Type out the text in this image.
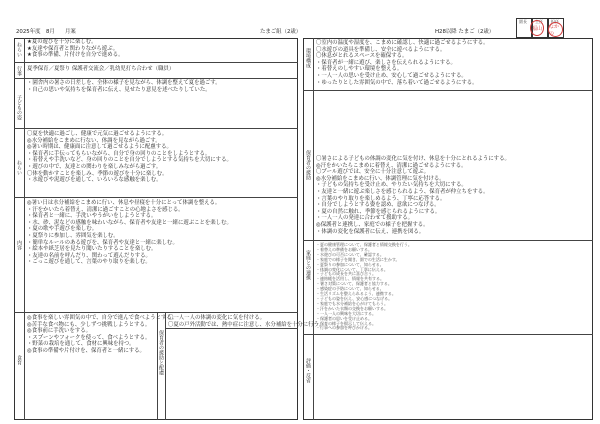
2025年度 8月 月案	たまご組（2歳）	H28以降 たまご（2歳）
園長 主任 担任
福山 なかの
ねらい ★夏の遊びを十分に楽しむ。
★友達や保育者と関わりながら遊ぶ。
★食事の準備、片付けを自分で進める。
行事 夏季保育／夏祭り 保護者交流会／乳幼児打ち合わせ（職員）
子どもの姿
・園舎内の暑さの日差しを、全体の様子を見ながら、体調を整えて夏を過ごす。
・自己の思いや気持ちを保育者に伝え、見せたり意見を述べたりしていた。
ねらい
〇夏を快適に過ごし、健康で元気に過ごせるようにする。
◎水分補給をこまめに行ない、体調を見ながら過ごす。
◎暑い時期は、健康面に注意して過ごせるように配慮する。
・保育者に手伝ってもらいながら、自分で身の回りのことをしようとする。
・着替えや手洗いなど、身の回りのことを自分でしようとする気持ちを大切にする。
・遊びの中で、友達との関わりを楽しみながら過ごす。
〇体を動かすことを楽しみ、季節の遊びを十分に楽しむ。
・水遊びや泥遊びを通して、いろいろな感触を楽しむ。
内容
◎暑い日は水分補給をこまめに行い、休息や昼寝を十分にとって体調を整える。
・汗をかいたら着替え、清潔に過ごすことの心地よさを感じる。
・保育者と一緒に、手洗いやうがいをしようとする。
・水、砂、泥などの感触を味わいながら、保育者や友達と一緒に遊ぶことを楽しむ。
・夏の歌や手遊びを楽しむ。
・夏祭りに参加し、雰囲気を楽しむ。
・簡単なルールのある遊びを、保育者や友達と一緒に楽しむ。
・絵本や紙芝居を見たり聞いたりすることを楽しむ。
・友達の名前を呼んだり、関わって遊んだりする。
・ごっこ遊びを通して、言葉のやり取りを楽しむ。
食育
◎食事を楽しい雰囲気の中で、自分で進んで食べようとする。
◎苦手な食べ物にも、少しずつ挑戦しようとする。
◎食事前に手洗いをする。
・スプーンやフォークを使って、食べようとする。
・野菜の栽培を通して、食材に興味を持つ。
◎食事の準備や片付けを、保育者と一緒にする。	保育者の援助と配慮
〇一人一人の体調の変化に気を付ける。
〇夏の戸外活動では、熱中症に注意し、水分補給を十分に行う。
環境構成
〇室内の温度や湿度を、こまめに確認し、快適に過ごせるようにする。
〇水遊びの道具を準備し、安全に遊べるようにする。
〇休息がとれるスペースを確保する。
・保育者が一緒に遊び、楽しさを伝えられるようにする。
・着替えのしやすい環境を整える。
・一人一人の思いを受け止め、安心して過ごせるようにする。
・ゆったりとした雰囲気の中で、落ち着いて過ごせるようにする。
保育者の援助 〇暑さによる子どもの体調の変化に気を付け、休息を十分にとれるようにする。
◎汗をかいたらこまめに着替え、清潔に過ごせるようにする。
〇プール遊びでは、安全に十分注意して遊ぶ。
◎水分補給をこまめに行い、体調管理に気を付ける。
・子どもの気持ちを受け止め、やりたい気持ちを大切にする。
・友達と一緒に遊ぶ楽しさを感じられるよう、保育者が仲立ちをする。
・言葉のやり取りを楽しめるよう、丁寧に応答する。
・自分でしようとする姿を認め、意欲につなげる。
・夏の自然に触れ、季節を感じられるようにする。
・一人一人の発達に合わせて援助する。
◎保護者と連携し、家庭での様子を把握する。
・体調の変化を保護者に伝え、連携を図る。
家庭との連携
・夏の健康管理について、保護者と情報交換を行う。
・着替えの準備をお願いする。
・水遊びの可否について、確認する。
・家庭での様子を聞き、園での生活に生かす。
・夏祭りの参加について、知らせる。
・体調の変化について、丁寧に伝える。
・子どもの成長を共に喜び合う。
・連絡帳を活用し、情報を共有する。
・暑さ対策について、保護者と協力する。
・感染症の予防について、知らせる。
・生活リズムを整えられるよう、連携する。
・子どもの姿を伝え、安心感につなげる。
・家庭でも水分補給を心がけてもらう。
・汗をかいた衣類の交換をお願いする。
・一人一人の興味を大切にする。
・保護者の思いを受け止める。
・保育の様子を掲示して伝える。
・行事への参加を呼びかける。
評価・反省
